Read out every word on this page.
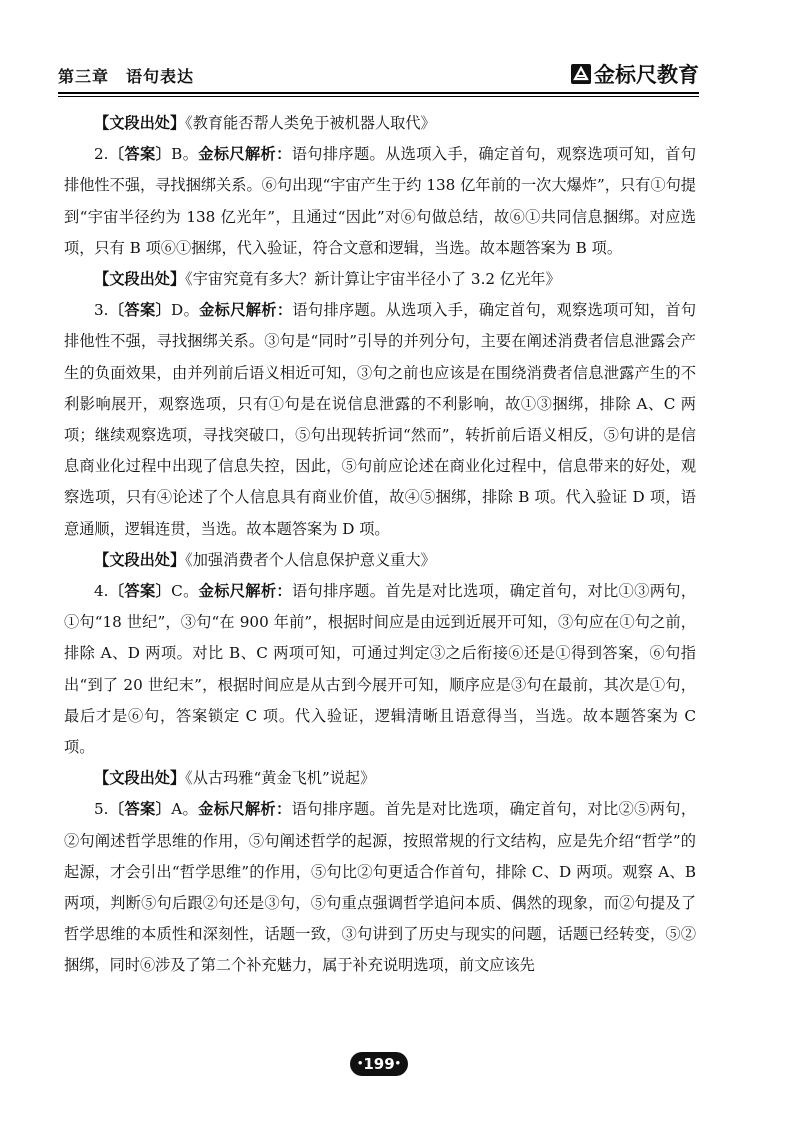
第三章　语句表达	金标尺教育

【文段出处】《教育能否帮人类免于被机器人取代》

2.〔答案〕B。金标尺解析：语句排序题。从选项入手，确定首句，观察选项可知，首句排他性不强，寻找捆绑关系。⑥句出现“宇宙产生于约 138 亿年前的一次大爆炸”，只有①句提到“宇宙半径约为 138 亿光年”，且通过“因此”对⑥句做总结，故⑥①共同信息捆绑。对应选项，只有 B 项⑥①捆绑，代入验证，符合文意和逻辑，当选。故本题答案为 B 项。

【文段出处】《宇宙究竟有多大？新计算让宇宙半径小了 3.2 亿光年》

3.〔答案〕D。金标尺解析：语句排序题。从选项入手，确定首句，观察选项可知，首句排他性不强，寻找捆绑关系。③句是“同时”引导的并列分句，主要在阐述消费者信息泄露会产生的负面效果，由并列前后语义相近可知，③句之前也应该是在围绕消费者信息泄露产生的不利影响展开，观察选项，只有①句是在说信息泄露的不利影响，故①③捆绑，排除 A、C 两项；继续观察选项，寻找突破口，⑤句出现转折词“然而”，转折前后语义相反，⑤句讲的是信息商业化过程中出现了信息失控，因此，⑤句前应论述在商业化过程中，信息带来的好处，观察选项，只有④论述了个人信息具有商业价值，故④⑤捆绑，排除 B 项。代入验证 D 项，语意通顺，逻辑连贯，当选。故本题答案为 D 项。

【文段出处】《加强消费者个人信息保护意义重大》

4.〔答案〕C。金标尺解析：语句排序题。首先是对比选项，确定首句，对比①③两句，①句“18 世纪”，③句“在 900 年前”，根据时间应是由远到近展开可知，③句应在①句之前，排除 A、D 两项。对比 B、C 两项可知，可通过判定③之后衔接⑥还是①得到答案，⑥句指出“到了 20 世纪末”，根据时间应是从古到今展开可知，顺序应是③句在最前，其次是①句，最后才是⑥句，答案锁定 C 项。代入验证，逻辑清晰且语意得当，当选。故本题答案为 C 项。

【文段出处】《从古玛雅“黄金飞机”说起》

5.〔答案〕A。金标尺解析：语句排序题。首先是对比选项，确定首句，对比②⑤两句，②句阐述哲学思维的作用，⑤句阐述哲学的起源，按照常规的行文结构，应是先介绍“哲学”的起源，才会引出“哲学思维”的作用，⑤句比②句更适合作首句，排除 C、D 两项。观察 A、B 两项，判断⑤句后跟②句还是③句，⑤句重点强调哲学追问本质、偶然的现象，而②句提及了哲学思维的本质性和深刻性，话题一致，③句讲到了历史与现实的问题，话题已经转变，⑤②捆绑，同时⑥涉及了第二个补充魅力，属于补充说明选项，前文应该先

•199•
